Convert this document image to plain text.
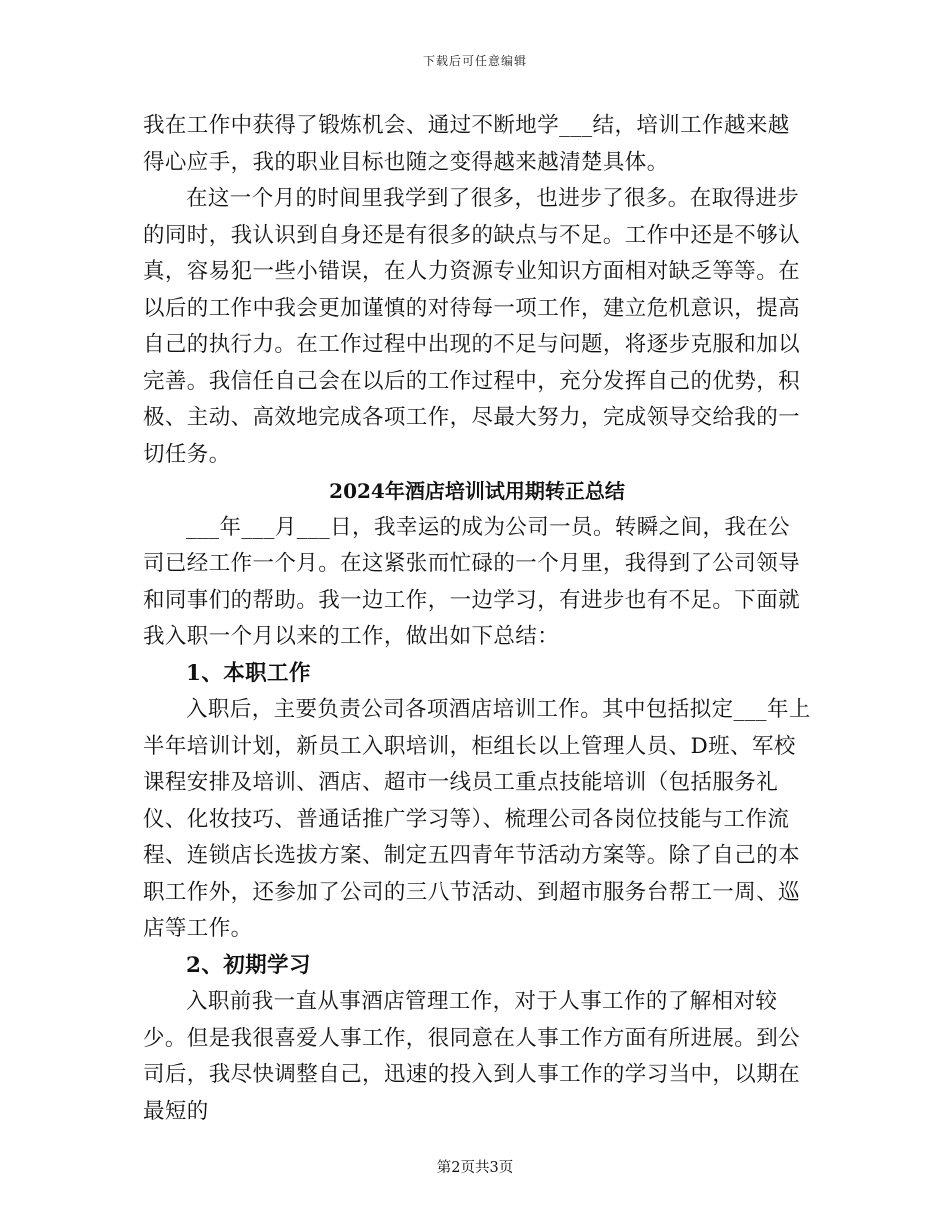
下载后可任意编辑

我在工作中获得了锻炼机会、通过不断地学___结，培训工作越来越得心应手，我的职业目标也随之变得越来越清楚具体。

在这一个月的时间里我学到了很多，也进步了很多。在取得进步的同时，我认识到自身还是有很多的缺点与不足。工作中还是不够认真，容易犯一些小错误，在人力资源专业知识方面相对缺乏等等。在以后的工作中我会更加谨慎的对待每一项工作，建立危机意识，提高自己的执行力。在工作过程中出现的不足与问题，将逐步克服和加以完善。我信任自己会在以后的工作过程中，充分发挥自己的优势，积极、主动、高效地完成各项工作，尽最大努力，完成领导交给我的一切任务。

2024年酒店培训试用期转正总结

___年___月___日，我幸运的成为公司一员。转瞬之间，我在公司已经工作一个月。在这紧张而忙碌的一个月里，我得到了公司领导和同事们的帮助。我一边工作，一边学习，有进步也有不足。下面就我入职一个月以来的工作，做出如下总结：

1、本职工作

入职后，主要负责公司各项酒店培训工作。其中包括拟定___年上半年培训计划，新员工入职培训，柜组长以上管理人员、D班、军校课程安排及培训、酒店、超市一线员工重点技能培训（包括服务礼仪、化妆技巧、普通话推广学习等）、梳理公司各岗位技能与工作流程、连锁店长选拔方案、制定五四青年节活动方案等。除了自己的本职工作外，还参加了公司的三八节活动、到超市服务台帮工一周、巡店等工作。

2、初期学习

入职前我一直从事酒店管理工作，对于人事工作的了解相对较少。但是我很喜爱人事工作，很同意在人事工作方面有所进展。到公司后，我尽快调整自己，迅速的投入到人事工作的学习当中，以期在最短的

第2页共3页
